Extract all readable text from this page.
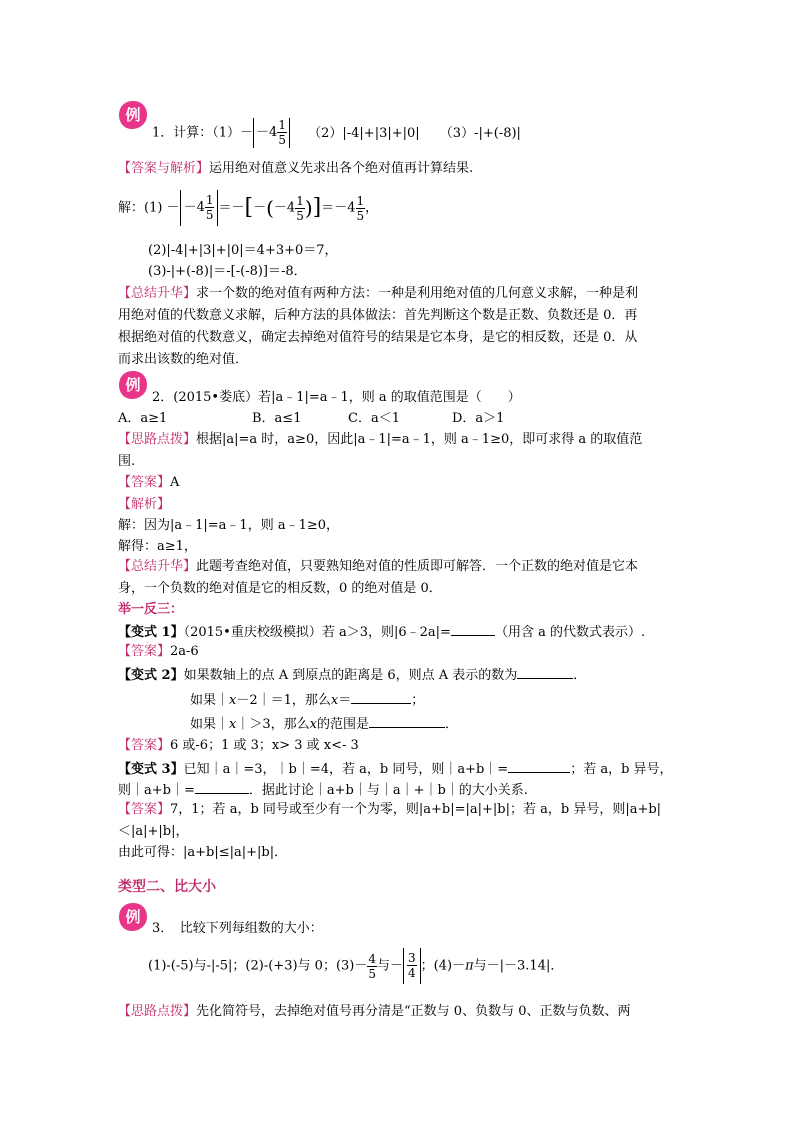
例
1．计算：$(1)- -4 \frac{1}{5} (2)|-4|+|3|+|0|$ （3）-|+(-8)|
【答案与解析】运用绝对值意义先求出各个绝对值再计算结果.
解：$(1) - -4 \frac{1}{5} =-[-(-4 \frac{1}{5} )]=-4 \frac{1}{5}$ ，
(2)|-4|+|3|+|0|＝4+3+0＝7，
(3)-|+(-8)|＝-[-(-8)]＝-8．
【总结升华】求一个数的绝对值有两种方法：一种是利用绝对值的几何意义求解，一种是利
用绝对值的代数意义求解，后种方法的具体做法：首先判断这个数是正数、负数还是 0．再
根据绝对值的代数意义，确定去掉绝对值符号的结果是它本身，是它的相反数，还是 0．从
而求出该数的绝对值．
例
2．(2015•娄底）若|a﹣1|=a﹣1，则 a 的取值范围是（　　）
A．a≥1	B．a≤1	C．a＜1	D．a＞1
【思路点拨】根据|a|=a 时，a≥0，因此|a﹣1|=a﹣1，则 a﹣1≥0，即可求得 a 的取值范
围.
【答案】A
【解析】
解：因为|a﹣1|=a﹣1，则 a﹣1≥0，
解得：a≥1，
【总结升华】此题考查绝对值，只要熟知绝对值的性质即可解答．一个正数的绝对值是它本
身，一个负数的绝对值是它的相反数，0 的绝对值是 0．
举一反三：
【变式 1】（2015•重庆校级模拟）若 a＞3，则|6﹣2a|=	（用含 a 的代数式表示）.
【答案】2a-6
【变式 2】如果数轴上的点 A 到原点的距离是 6，则点 A 表示的数为	．
如果｜x－2｜＝1，那么x＝	；
如果｜x｜＞3，那么x的范围是	．
【答案】6 或-6；1 或 3；x> 3 或 x<- 3
【变式 3】已知｜a｜=3，｜b｜=4，若 a，b 同号，则｜a+b｜=	；若 a，b 异号，
则｜a+b｜=	．据此讨论｜a+b｜与｜a｜+｜b｜的大小关系.
【答案】7，1；若 a，b 同号或至少有一个为零，则|a+b|=|a|+|b|；若 a，b 异号，则|a+b|
＜|a|+|b|，
由此可得：|a+b|≤|a|+|b|．
类型二、比大小
例
3．　比较下列每组数的大小：
(1)-(-5)与-|-5|；(2)-(+3)与 0；$(3)- \frac{4}{5}$ 与－ $\frac{3}{4}$ ；(4)－π与－|－3.14|．
【思路点拨】先化简符号，去掉绝对值号再分清是“正数与 0、负数与 0、正数与负数、两
